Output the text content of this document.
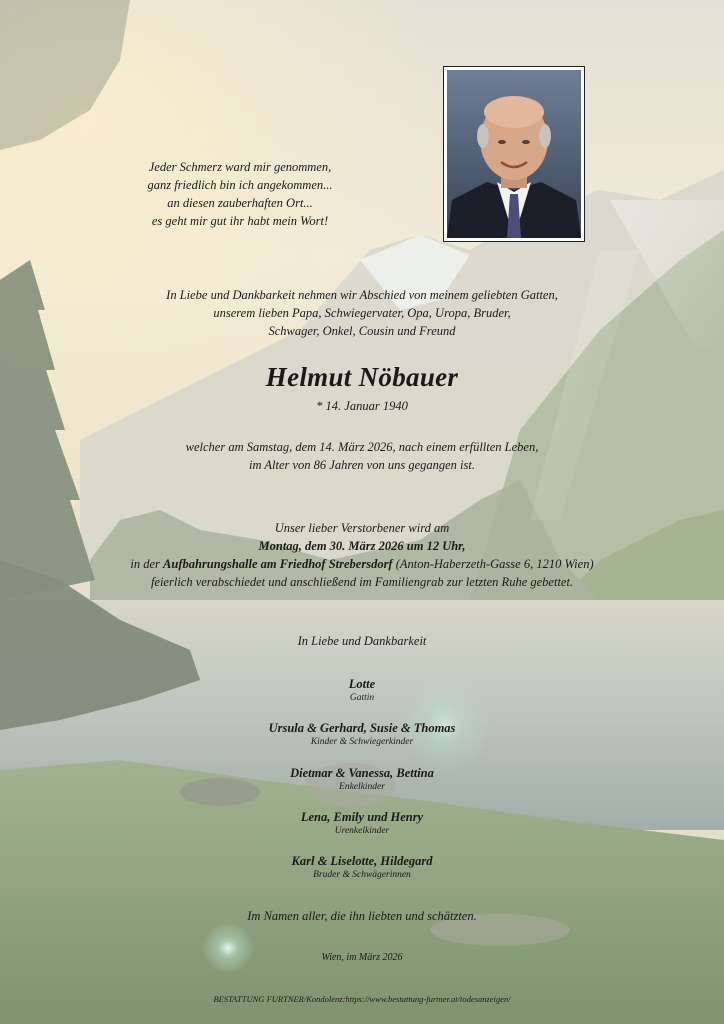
Jeder Schmerz ward mir genommen,
ganz friedlich bin ich angekommen...
an diesen zauberhaften Ort...
es geht mir gut ihr habt mein Wort!
In Liebe und Dankbarkeit nehmen wir Abschied von meinem geliebten Gatten,
unserem lieben Papa, Schwiegervater, Opa, Uropa, Bruder,
Schwager, Onkel, Cousin und Freund
Helmut Nöbauer
* 14. Januar 1940
welcher am Samstag, dem 14. März 2026, nach einem erfüllten Leben,
im Alter von 86 Jahren von uns gegangen ist.
Unser lieber Verstorbener wird am
Montag, dem 30. März 2026 um 12 Uhr,
in der Aufbahrungshalle am Friedhof Strebersdorf (Anton-Haberzeth-Gasse 6, 1210 Wien)
feierlich verabschiedet und anschließend im Familiengrab zur letzten Ruhe gebettet.
In Liebe und Dankbarkeit
Lotte
Gattin
Ursula & Gerhard, Susie & Thomas
Kinder & Schwiegerkinder
Dietmar & Vanessa, Bettina
Enkelkinder
Lena, Emily und Henry
Urenkelkinder
Karl & Liselotte, Hildegard
Bruder & Schwägerinnen
Im Namen aller, die ihn liebten und schätzten.
Wien, im März 2026
BESTATTUNG FURTNER/Kondolenz:https://www.bestattung-furtner.at/todesanzeigen/
